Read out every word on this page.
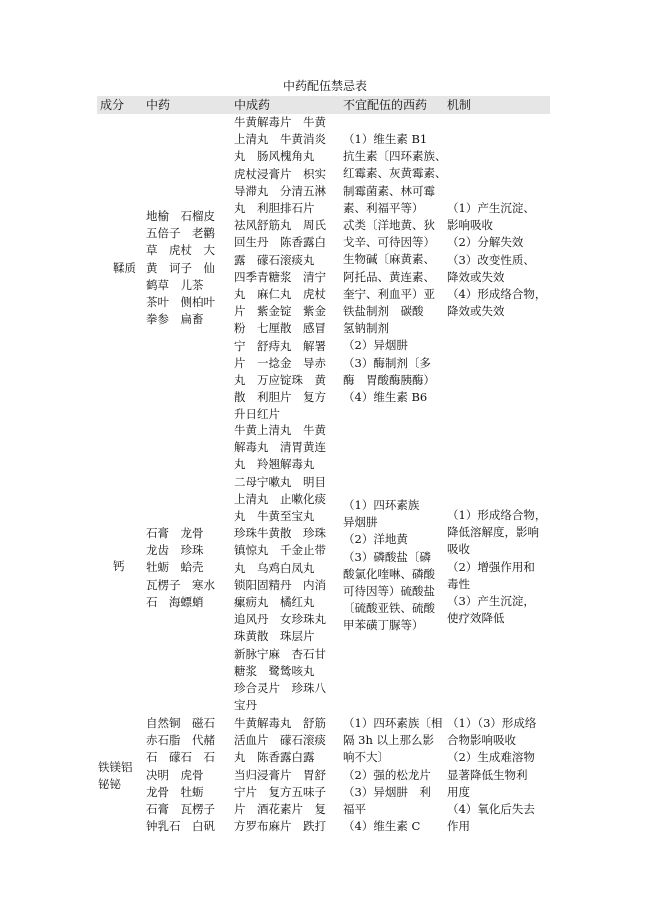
中药配伍禁忌表
成分 中药	中成药	不宜配伍的西药 机制
鞣质
地榆　石榴皮
五倍子　老鹳
草　虎杖　大
黄　诃子　仙
鹤草　儿茶
茶叶　侧柏叶
拳参　扁畜
牛黄解毒片　牛黄
上清丸　牛黄消炎
丸　肠风槐角丸
虎杖浸膏片　枳实
导滞丸　分清五淋
丸　利胆排石片
祛风舒筋丸　周氏
回生丹　陈香露白
露　礞石滚痰丸
四季青糖浆　清宁
丸　麻仁丸　虎杖
片　紫金锭　紫金
粉　七厘散　感冒
宁　舒痔丸　解署
片　一捻金　导赤
丸　万应锭珠　黄
散　利胆片　复方
升日红片
（1）维生素 B1
抗生素〔四环素族、
红霉素、灰黄霉素、
制霉菌素、林可霉
素、利福平等）
忒类〔洋地黄、狄
戈辛、可待因等）
生物碱〔麻黄素、
阿托品、黄连素、
奎宁、利血平）亚
铁盐制剂　碳酸
氢钠制剂
（2）异烟肼
（3）酶制剂〔多
酶　胃酸酶胰酶）
（4）维生素 B6
（1）产生沉淀、
影响吸收
（2）分解失效
（3）改变性质、
降效或失效
（4）形成络合物，
降效或失效
钙
石膏　龙骨
龙齿　珍珠
牡蛎　蛤壳
瓦楞子　寒水
石　海螵蛸
牛黄上清丸　牛黄
解毒丸　清胃黄连
丸　羚翘解毒丸
二母宁嗽丸　明目
上清丸　止嗽化痰
丸　牛黄至宝丸
珍珠牛黄散　珍珠
镇惊丸　千金止带
丸　乌鸡白凤丸
锁阳固精丹　内消
瘰疬丸　橘红丸
追风丹　女珍珠丸
珠黄散　珠层片
新脉宁麻　杏石甘
糖浆　鹭鸶咳丸
珍合灵片　珍珠八
宝丹
（1）四环素族
异烟肼
（2）洋地黄
（3）磷酸盐〔磷
酸氯化喹啉、磷酸
可待因等）硫酸盐
〔硫酸亚铁、硫酸
甲苯磺丁脲等）
（1）形成络合物，
降低溶解度，影响
吸收
（2）增强作用和
毒性
（3）产生沉淀，
使疗效降低
铁镁铝
铋铋
自然铜　磁石
赤石脂　代赭
石　礞石　石
决明　虎骨
龙骨　牡蛎
石膏　瓦楞子
钟乳石　白矾
牛黄解毒丸　舒筋
活血片　礞石滚痰
丸　陈香露白露
当归浸膏片　胃舒
宁片　复方五味子
片　酒花素片　复
方罗布麻片　跌打
（1）四环素族〔相
隔 3h 以上那么影
响不大〕
（2）强的松龙片
（3）异烟肼　利
福平
（4）维生素 C
（1）（3）形成络
合物影响吸收
（2）生成难溶物
显著降低生物利
用度
（4）氧化后失去
作用
